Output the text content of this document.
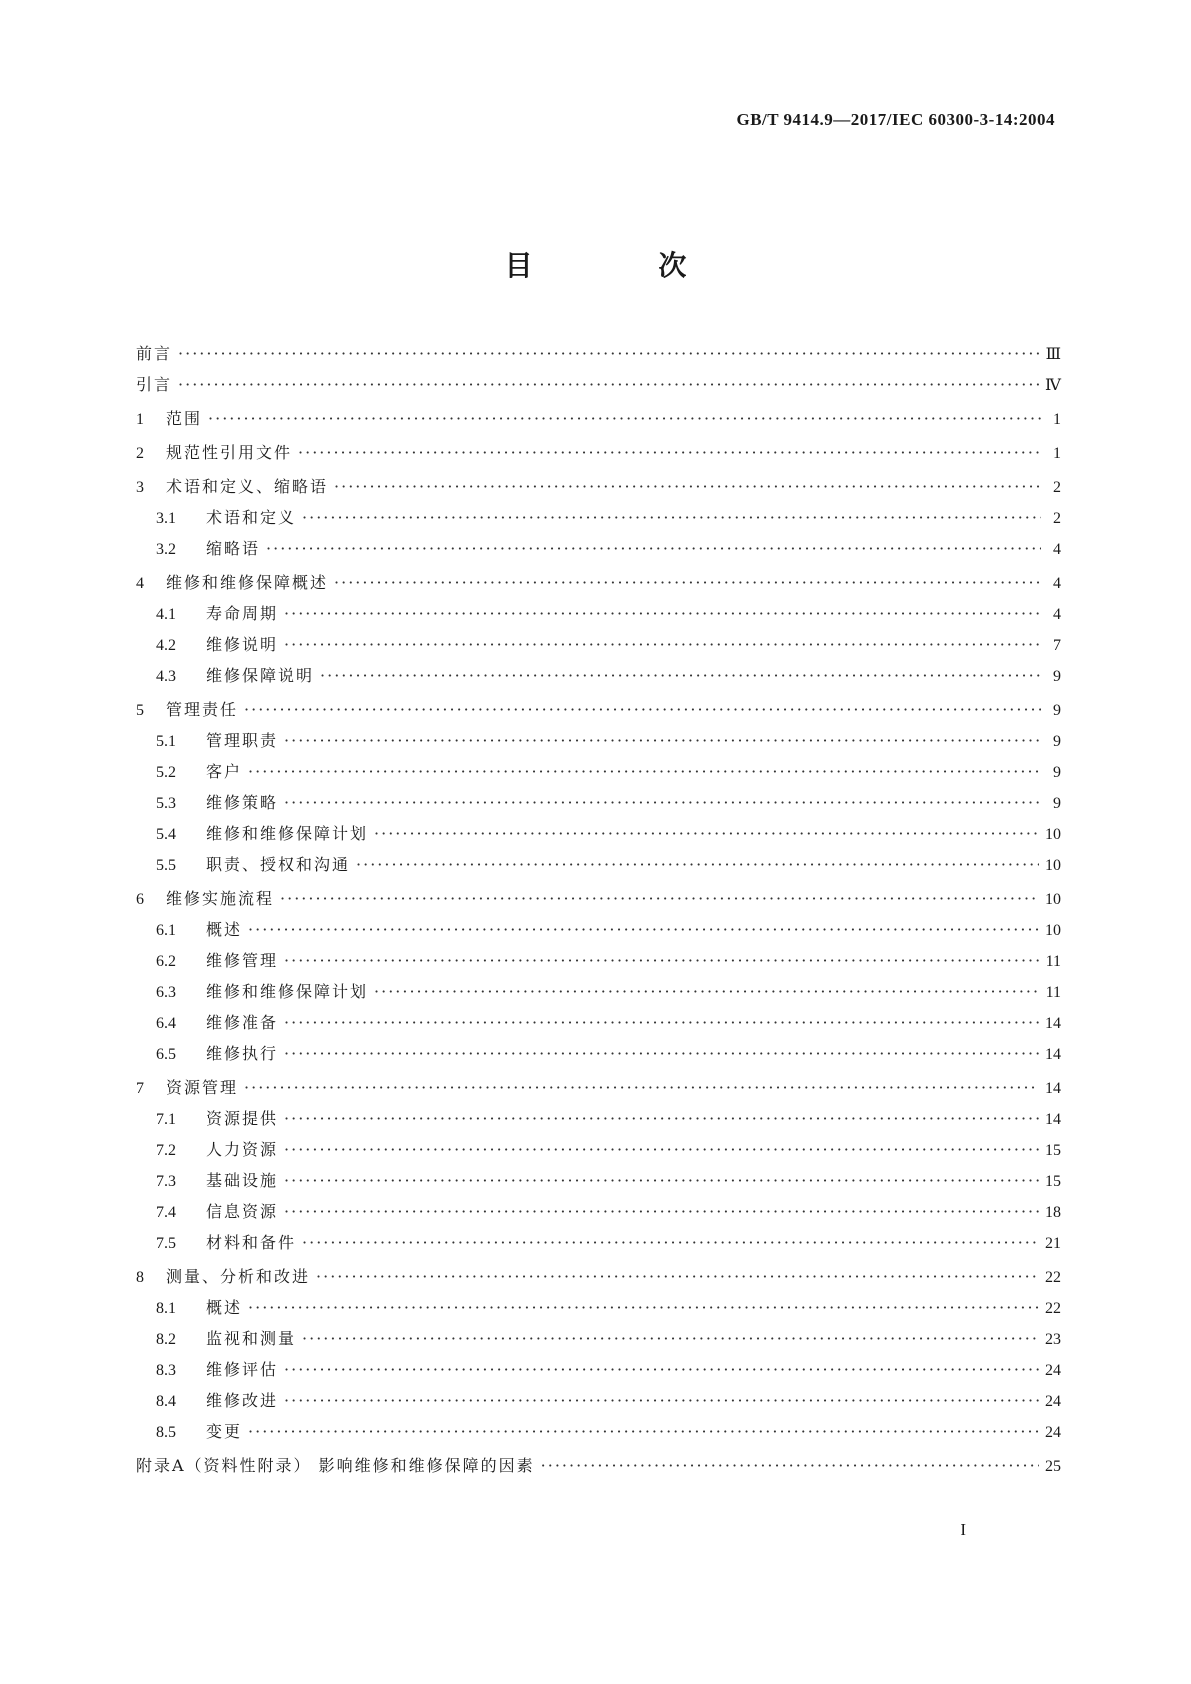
GB/T 9414.9—2017/IEC 60300-3-14:2004
目 次
前言 ·····	Ⅲ
引言 ·····	Ⅳ
1	范围 ·····	1
2	规范性引用文件 ·····	1
3	术语和定义、缩略语 ·····	2
3.1	术语和定义 ·····	2
3.2	缩略语 ·····	4
4	维修和维修保障概述 ·····	4
4.1	寿命周期 ·····	4
4.2	维修说明 ·····	7
4.3	维修保障说明 ·····	9
5	管理责任 ·····	9
5.1	管理职责 ·····	9
5.2	客户 ·····	9
5.3	维修策略 ·····	9
5.4	维修和维修保障计划 ·····	10
5.5	职责、授权和沟通 ·····	10
6	维修实施流程 ·····	10
6.1	概述 ·····	10
6.2	维修管理 ·····	11
6.3	维修和维修保障计划 ·····	11
6.4	维修准备 ·····	14
6.5	维修执行 ·····	14
7	资源管理 ·····	14
7.1	资源提供 ·····	14
7.2	人力资源 ·····	15
7.3	基础设施 ·····	15
7.4	信息资源 ·····	18
7.5	材料和备件 ·····	21
8	测量、分析和改进 ·····	22
8.1	概述 ·····	22
8.2	监视和测量 ·····	23
8.3	维修评估 ·····	24
8.4	维修改进 ·····	24
8.5	变更 ·····	24
附录A（资料性附录） 影响维修和维修保障的因素 ·····	25
I
